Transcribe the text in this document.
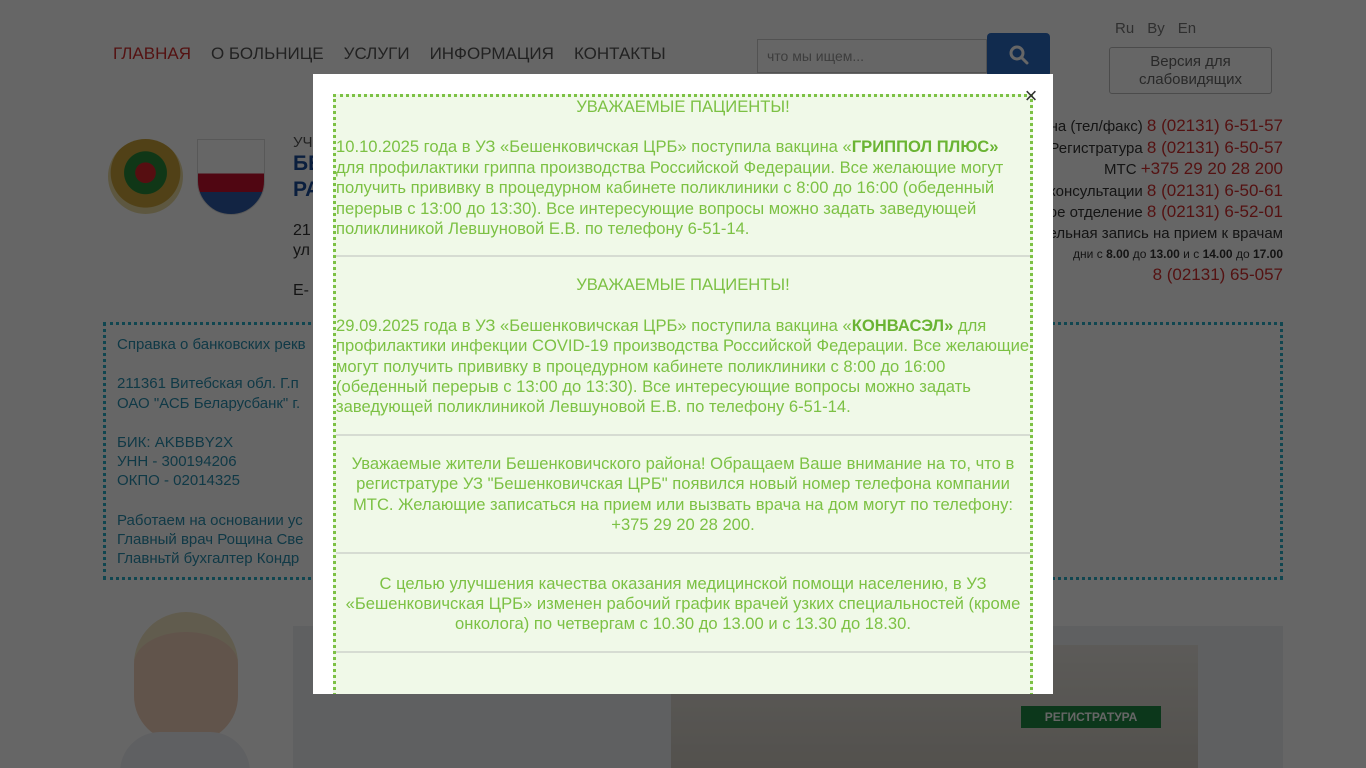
что мы ищем...
УВАЖАЕМЫЕ ПАЦИЕНТЫ!

10.10.2025 года в УЗ «Бешенковичская ЦРБ» поступила вакцина «ГРИППОЛ ПЛЮС» для профилактики гриппа производства Российской Федерации. Все желающие могут получить прививку в процедурном кабинете поликлиники с 8:00 до 16:00 (обеденный перерыв с 13:00 до 13:30). Все интересующие вопросы можно задать заведующей поликлиникой Левшуновой Е.В. по телефону 6-51-14.

УВАЖАЕМЫЕ ПАЦИЕНТЫ!

29.09.2025 года в УЗ «Бешенковичская ЦРБ» поступила вакцина «КОНВАСЭЛ» для профилактики инфекции COVID-19 производства Российской Федерации. Все желающие могут получить прививку в процедурном кабинете поликлиники с 8:00 до 16:00 (обеденный перерыв с 13:00 до 13:30). Все интересующие вопросы можно задать заведующей поликлиникой Левшуновой Е.В. по телефону 6-51-14.

Уважаемые жители Бешенковичского района! Обращаем Ваше внимание на то, что в регистратуре УЗ "Бешенковичская ЦРБ" появился новый номер телефона компании МТС. Желающие записаться на прием или вызвать врача на дом могут по телефону: +375 29 20 28 200.

С целью улучшения качества оказания медицинской помощи населению, в УЗ «Бешенковичская ЦРБ» изменен рабочий график врачей узких специальностей (кроме онколога) по четвергам с 10.30 до 13.00 и с 13.30 до 18.30.

×
